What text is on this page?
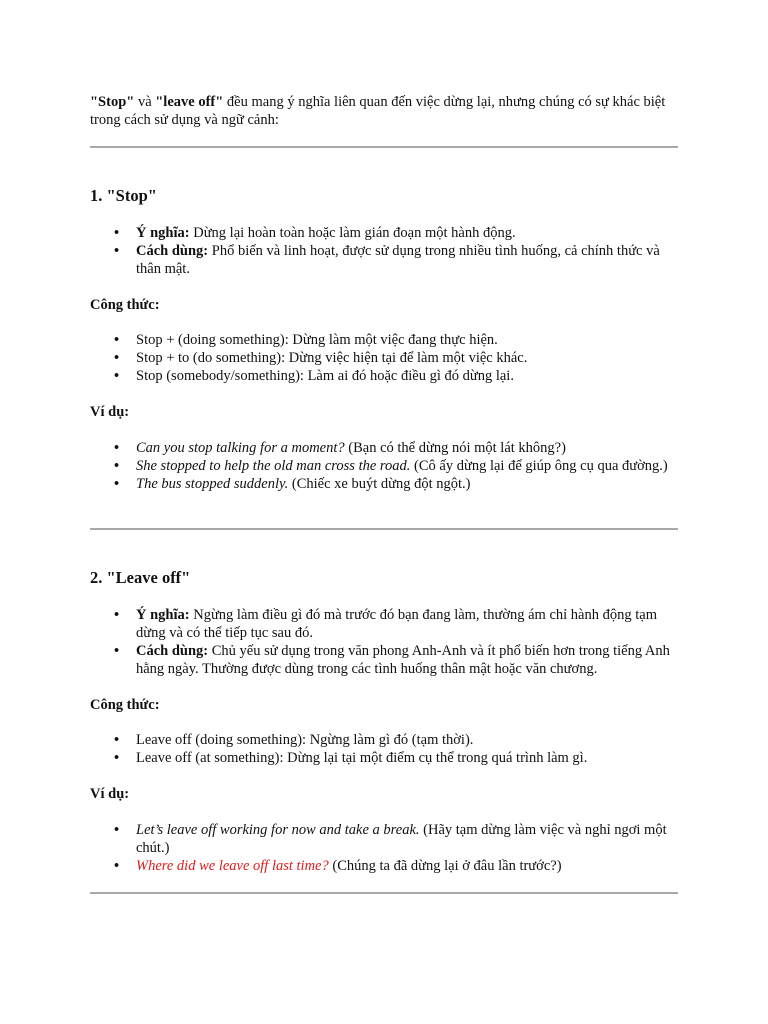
"Stop" và "leave off" đều mang ý nghĩa liên quan đến việc dừng lại, nhưng chúng có sự khác biệt trong cách sử dụng và ngữ cảnh:

1. "Stop"
• Ý nghĩa: Dừng lại hoàn toàn hoặc làm gián đoạn một hành động.
• Cách dùng: Phổ biến và linh hoạt, được sử dụng trong nhiều tình huống, cả chính thức và thân mật.
Công thức:
• Stop + (doing something): Dừng làm một việc đang thực hiện.
• Stop + to (do something): Dừng việc hiện tại để làm một việc khác.
• Stop (somebody/something): Làm ai đó hoặc điều gì đó dừng lại.
Ví dụ:
• Can you stop talking for a moment? (Bạn có thể dừng nói một lát không?)
• She stopped to help the old man cross the road. (Cô ấy dừng lại để giúp ông cụ qua đường.)
• The bus stopped suddenly. (Chiếc xe buýt dừng đột ngột.)
2. "Leave off"
• Ý nghĩa: Ngừng làm điều gì đó mà trước đó bạn đang làm, thường ám chỉ hành động tạm dừng và có thể tiếp tục sau đó.
• Cách dùng: Chủ yếu sử dụng trong văn phong Anh-Anh và ít phổ biến hơn trong tiếng Anh hằng ngày. Thường được dùng trong các tình huống thân mật hoặc văn chương.
Công thức:
• Leave off (doing something): Ngừng làm gì đó (tạm thời).
• Leave off (at something): Dừng lại tại một điểm cụ thể trong quá trình làm gì.
Ví dụ:
• Let’s leave off working for now and take a break. (Hãy tạm dừng làm việc và nghỉ ngơi một chút.)
• Where did we leave off last time? (Chúng ta đã dừng lại ở đâu lần trước?)
